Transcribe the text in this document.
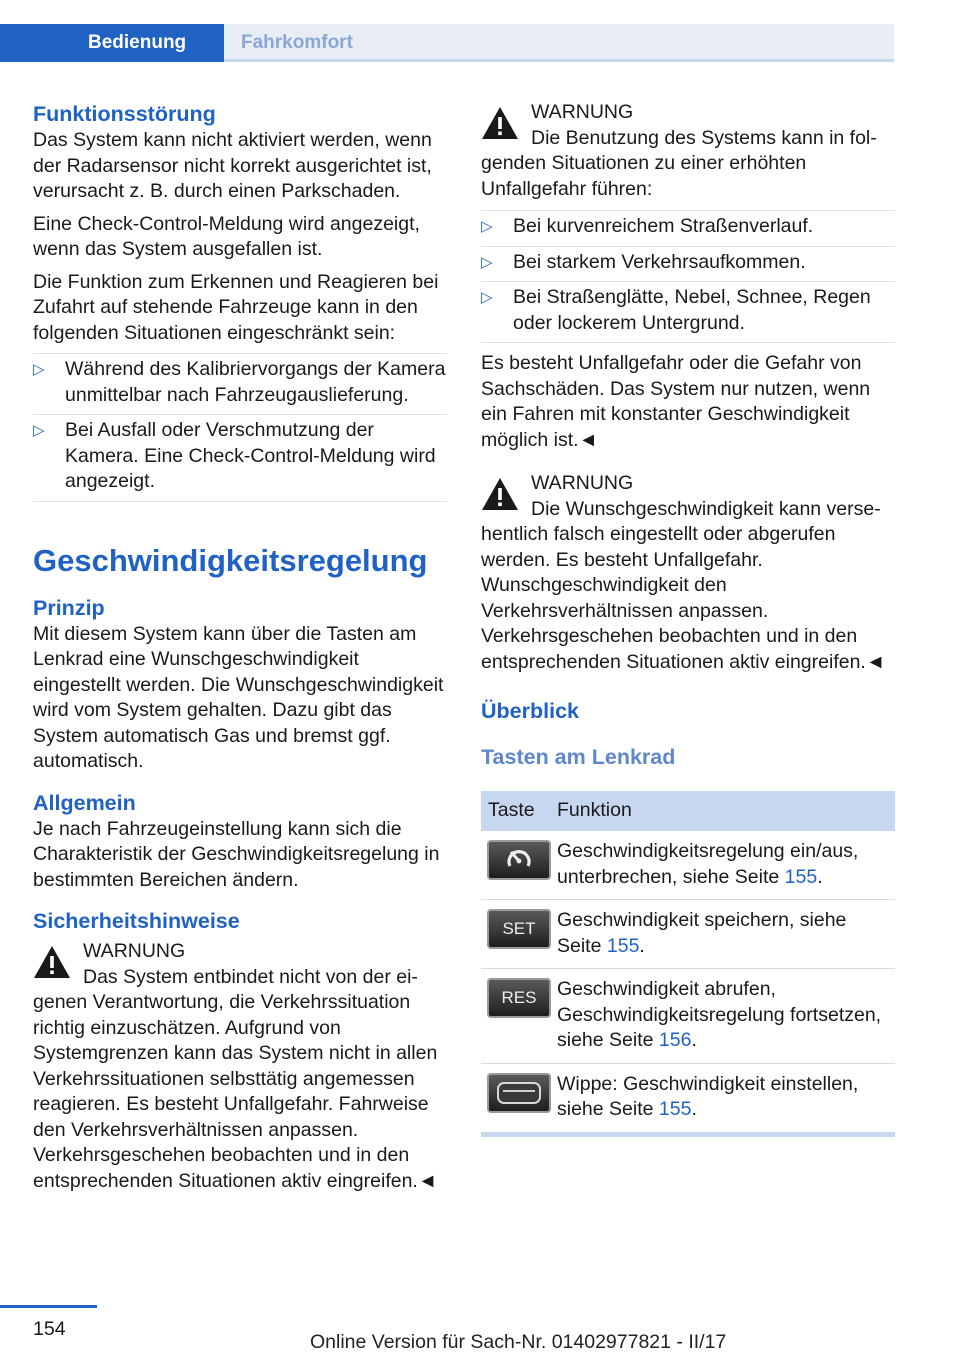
Bedienung	Fahrkomfort
Funktionsstörung

Das System kann nicht aktiviert werden, wenn der Radarsensor nicht korrekt ausgerichtet ist, verursacht z. B. durch einen Parkschaden.

Eine Check-Control-Meldung wird angezeigt, wenn das System ausgefallen ist.

Die Funktion zum Erkennen und Reagieren bei Zufahrt auf stehende Fahrzeuge kann in den folgenden Situationen eingeschränkt sein:

▷	Während des Kalibriervorgangs der Kamera unmittelbar nach Fahrzeugauslieferung.
▷	Bei Ausfall oder Verschmutzung der Kamera. Eine Check-Control-Meldung wird angezeigt.
Geschwindigkeitsregelung
Prinzip

Mit diesem System kann über die Tasten am Lenkrad eine Wunschgeschwindigkeit eingestellt werden. Die Wunschgeschwindigkeit wird vom System gehalten. Dazu gibt das System automatisch Gas und bremst ggf. automatisch.

Allgemein

Je nach Fahrzeugeinstellung kann sich die Charakteristik der Geschwindigkeitsregelung in bestimmten Bereichen ändern.

Sicherheitshinweise
WARNUNG
Das System entbindet nicht von der ei-
genen Verantwortung, die Verkehrssituation richtig einzuschätzen. Aufgrund von Systemgrenzen kann das System nicht in allen Verkehrssituationen selbsttätig angemessen reagieren. Es besteht Unfallgefahr. Fahrweise den Verkehrsverhältnissen anpassen. Verkehrsgeschehen beobachten und in den entsprechenden Situationen aktiv eingreifen.◄
WARNUNG
Die Benutzung des Systems kann in fol-
genden Situationen zu einer erhöhten Unfallgefahr führen:
▷	Bei kurvenreichem Straßenverlauf.
▷	Bei starkem Verkehrsaufkommen.
▷	Bei Straßenglätte, Nebel, Schnee, Regen oder lockerem Untergrund.

Es besteht Unfallgefahr oder die Gefahr von Sachschäden. Das System nur nutzen, wenn ein Fahren mit konstanter Geschwindigkeit möglich ist.◄

WARNUNG
Die Wunschgeschwindigkeit kann verse-
hentlich falsch eingestellt oder abgerufen werden. Es besteht Unfallgefahr. Wunschgeschwindigkeit den Verkehrsverhältnissen anpassen. Verkehrsgeschehen beobachten und in den entsprechenden Situationen aktiv eingreifen.◄
Überblick
Tasten am Lenkrad
Taste	Funktion

	Geschwindigkeitsregelung ein/aus, unterbrechen, siehe Seite 155.

SET	Geschwindigkeit speichern, siehe Seite 155.

RES	Geschwindigkeit abrufen, Geschwindigkeitsregelung fortsetzen, siehe Seite 156.

	Wippe: Geschwindigkeit einstellen, siehe Seite 155.
154
Online Version für Sach-Nr. 01402977821 - II/17
